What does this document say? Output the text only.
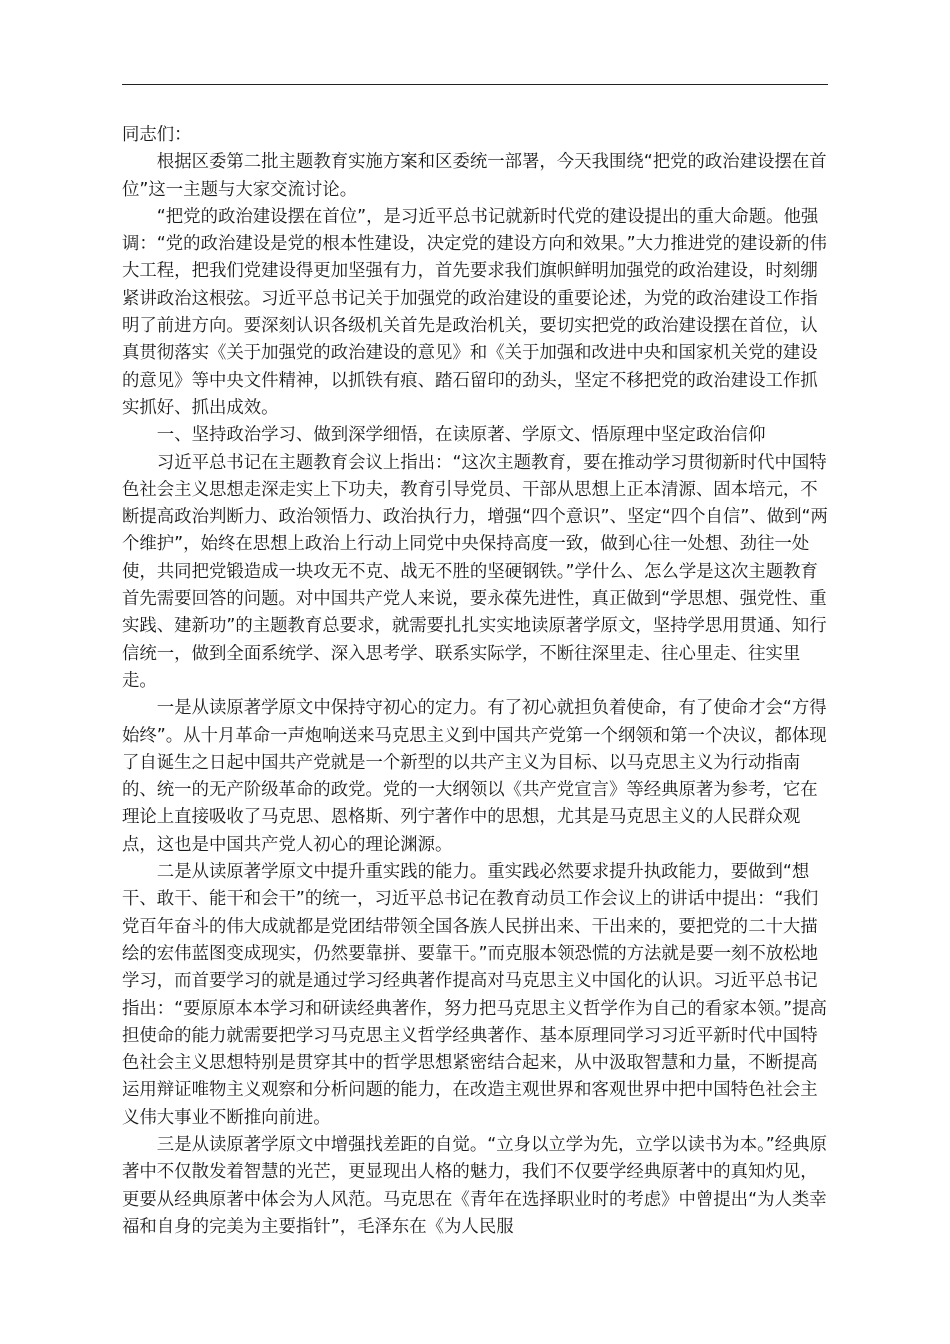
同志们：

根据区委第二批主题教育实施方案和区委统一部署，今天我围绕“把党的政治建设摆在首位”这一主题与大家交流讨论。

“把党的政治建设摆在首位”，是习近平总书记就新时代党的建设提出的重大命题。他强调：“党的政治建设是党的根本性建设，决定党的建设方向和效果。”大力推进党的建设新的伟大工程，把我们党建设得更加坚强有力，首先要求我们旗帜鲜明加强党的政治建设，时刻绷紧讲政治这根弦。习近平总书记关于加强党的政治建设的重要论述，为党的政治建设工作指明了前进方向。要深刻认识各级机关首先是政治机关，要切实把党的政治建设摆在首位，认真贯彻落实《关于加强党的政治建设的意见》和《关于加强和改进中央和国家机关党的建设的意见》等中央文件精神，以抓铁有痕、踏石留印的劲头，坚定不移把党的政治建设工作抓实抓好、抓出成效。

一、坚持政治学习、做到深学细悟，在读原著、学原文、悟原理中坚定政治信仰

习近平总书记在主题教育会议上指出：“这次主题教育，要在推动学习贯彻新时代中国特色社会主义思想走深走实上下功夫，教育引导党员、干部从思想上正本清源、固本培元，不断提高政治判断力、政治领悟力、政治执行力，增强“四个意识”、坚定“四个自信”、做到“两个维护”，始终在思想上政治上行动上同党中央保持高度一致，做到心往一处想、劲往一处使，共同把党锻造成一块攻无不克、战无不胜的坚硬钢铁。”学什么、怎么学是这次主题教育首先需要回答的问题。对中国共产党人来说，要永葆先进性，真正做到“学思想、强党性、重实践、建新功”的主题教育总要求，就需要扎扎实实地读原著学原文，坚持学思用贯通、知行信统一，做到全面系统学、深入思考学、联系实际学，不断往深里走、往心里走、往实里走。

一是从读原著学原文中保持守初心的定力。有了初心就担负着使命，有了使命才会“方得始终”。从十月革命一声炮响送来马克思主义到中国共产党第一个纲领和第一个决议，都体现了自诞生之日起中国共产党就是一个新型的以共产主义为目标、以马克思主义为行动指南的、统一的无产阶级革命的政党。党的一大纲领以《共产党宣言》等经典原著为参考，它在理论上直接吸收了马克思、恩格斯、列宁著作中的思想，尤其是马克思主义的人民群众观点，这也是中国共产党人初心的理论渊源。

二是从读原著学原文中提升重实践的能力。重实践必然要求提升执政能力，要做到“想干、敢干、能干和会干”的统一，习近平总书记在教育动员工作会议上的讲话中提出：“我们党百年奋斗的伟大成就都是党团结带领全国各族人民拼出来、干出来的，要把党的二十大描绘的宏伟蓝图变成现实，仍然要靠拼、要靠干。”而克服本领恐慌的方法就是要一刻不放松地学习，而首要学习的就是通过学习经典著作提高对马克思主义中国化的认识。习近平总书记指出：“要原原本本学习和研读经典著作，努力把马克思主义哲学作为自己的看家本领。”提高担使命的能力就需要把学习马克思主义哲学经典著作、基本原理同学习习近平新时代中国特色社会主义思想特别是贯穿其中的哲学思想紧密结合起来，从中汲取智慧和力量，不断提高运用辩证唯物主义观察和分析问题的能力，在改造主观世界和客观世界中把中国特色社会主义伟大事业不断推向前进。

三是从读原著学原文中增强找差距的自觉。“立身以立学为先，立学以读书为本。”经典原著中不仅散发着智慧的光芒，更显现出人格的魅力，我们不仅要学经典原著中的真知灼见，更要从经典原著中体会为人风范。马克思在《青年在选择职业时的考虑》中曾提出“为人类幸福和自身的完美为主要指针”，毛泽东在《为人民服
